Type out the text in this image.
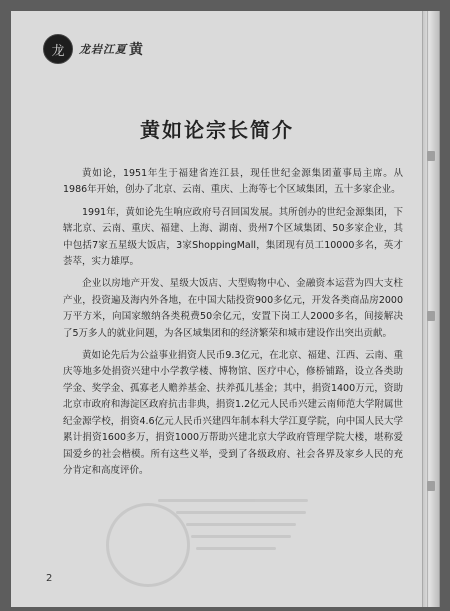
龙 龙岩江夏 黄
黄如论宗长简介

黄如论，1951年生于福建省连江县，现任世纪金源集团董事局主席。从1986年开始，创办了北京、云南、重庆、上海等七个区域集团，五十多家企业。

1991年，黄如论先生响应政府号召回国发展。其所创办的世纪金源集团，下辖北京、云南、重庆、福建、上海、湖南、贵州7个区域集团、50多家企业，其中包括7家五星级大饭店，3家ShoppingMall，集团现有员工10000多名，英才荟萃，实力雄厚。

企业以房地产开发、星级大饭店、大型购物中心、金融资本运营为四大支柱产业，投资遍及海内外各地，在中国大陆投资900多亿元，开发各类商品房2000万平方米，向国家缴纳各类税费50余亿元，安置下岗工人2000多名，间接解决了5万多人的就业问题，为各区域集团和的经济繁荣和城市建设作出突出贡献。

黄如论先后为公益事业捐资人民币9.3亿元，在北京、福建、江西、云南、重庆等地多处捐资兴建中小学教学楼、博物馆、医疗中心，修桥铺路，设立各类助学金、奖学金、孤寡老人赡养基金、扶养孤儿基金；其中，捐资1400万元，资助北京市政府和海淀区政府抗击非典，捐资1.2亿元人民币兴建云南师范大学附属世纪金源学校，捐资4.6亿元人民币兴建四年制本科大学江夏学院，向中国人民大学累计捐资1600多万，捐资1000万帮助兴建北京大学政府管理学院大楼，堪称爱国爱乡的社会楷模。所有这些义举，受到了各级政府、社会各界及家乡人民的充分肯定和高度评价。

2
